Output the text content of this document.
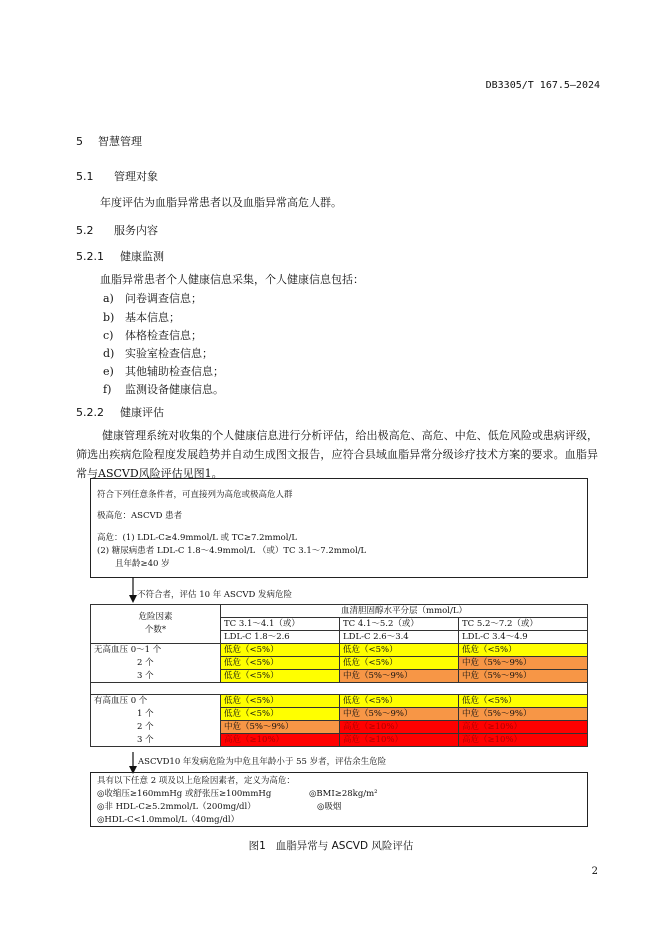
DB3305/T 167.5—2024
5 智慧管理
5.1 管理对象
年度评估为血脂异常患者以及血脂异常高危人群。
5.2 服务内容
5.2.1 健康监测
血脂异常患者个人健康信息采集，个人健康信息包括：
a) 问卷调查信息；
b) 基本信息；
c) 体格检查信息；
d) 实验室检查信息；
e) 其他辅助检查信息；
f) 监测设备健康信息。
5.2.2 健康评估
健康管理系统对收集的个人健康信息进行分析评估，给出极高危、高危、中危、低危风险或患病评级，筛选出疾病危险程度发展趋势并自动生成图文报告，应符合县域血脂异常分级诊疗技术方案的要求。血脂异常与ASCVD风险评估见图1。
符合下列任意条件者，可直接列为高危或极高危人群
极高危：ASCVD 患者
高危：(1) LDL-C≥4.9mmol/L 或 TC≥7.2mmol/L
(2) 糖尿病患者 LDL-C 1.8～4.9mmol/L （或）TC 3.1～7.2mmol/L
且年龄≥40 岁
不符合者，评估 10 年 ASCVD 发病危险
危险因素
个数*	血清胆固醇水平分层（mmol/L）		
	TC 3.1～4.1（或）	TC 4.1～5.2（或）	TC 5.2～7.2（或）
	LDL-C 1.8～2.6	LDL-C 2.6～3.4	LDL-C 3.4～4.9
无高血压 0～1 个	低危（<5%）	低危（<5%）	低危（<5%）
2 个	低危（<5%）	低危（<5%）	中危（5%～9%）
3 个	低危（<5%）	中危（5%～9%）	中危（5%～9%）

有高血压 0 个	低危（<5%）	低危（<5%）	低危（<5%）
1 个	低危（<5%）	中危（5%～9%）	中危（5%～9%）
2 个	中危（5%～9%）	高危（≥10%）	高危（≥10%）
3 个	高危（≥10%）	高危（≥10%）	高危（≥10%）
ASCVD10 年发病危险为中危且年龄小于 55 岁者，评估余生危险
具有以下任意 2 项及以上危险因素者，定义为高危：
◎收缩压≥160mmHg 或舒张压≥100mmHg	◎BMI≥28kg/m²
◎非 HDL-C≥5.2mmol/L（200mg/dl）	◎吸烟
◎HDL-C<1.0mmol/L（40mg/dl）
图1 血脂异常与 ASCVD 风险评估
2
